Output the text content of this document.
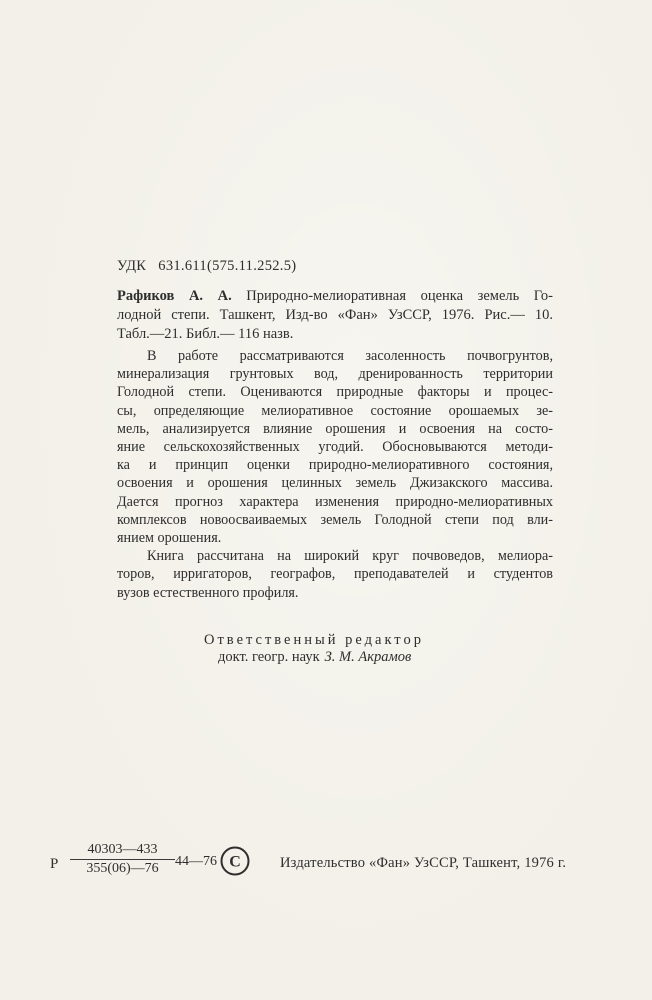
УДК 631.611(575.11.252.5)
Рафиков А. А. Природно-мелиоративная оценка земель Го-
лодной степи. Ташкент, Изд-во «Фан» УзССР, 1976. Рис.— 10.
Табл.—21. Библ.— 116 назв.
В работе рассматриваются засоленность почвогрунтов,
минерализация грунтовых вод, дренированность территории
Голодной степи. Оцениваются природные факторы и процес-
сы, определяющие мелиоративное состояние орошаемых зе-
мель, анализируется влияние орошения и освоения на состо-
яние сельскохозяйственных угодий. Обосновываются методи-
ка и принцип оценки природно-мелиоративного состояния,
освоения и орошения целинных земель Джизакского массива.
Дается прогноз характера изменения природно-мелиоративных
комплексов новоосваиваемых земель Голодной степи под вли-
янием орошения.
Книга рассчитана на широкий круг почвоведов, мелиора-
торов, ирригаторов, географов, преподавателей и студентов
вузов естественного профиля.
Ответственный редактор
докт. геогр. наук З. М. Акрамов
Р $\frac{40303—433}{355(06)—76}$ 44—76 C	Издательство «Фан» УзССР, Ташкент, 1976 г.
